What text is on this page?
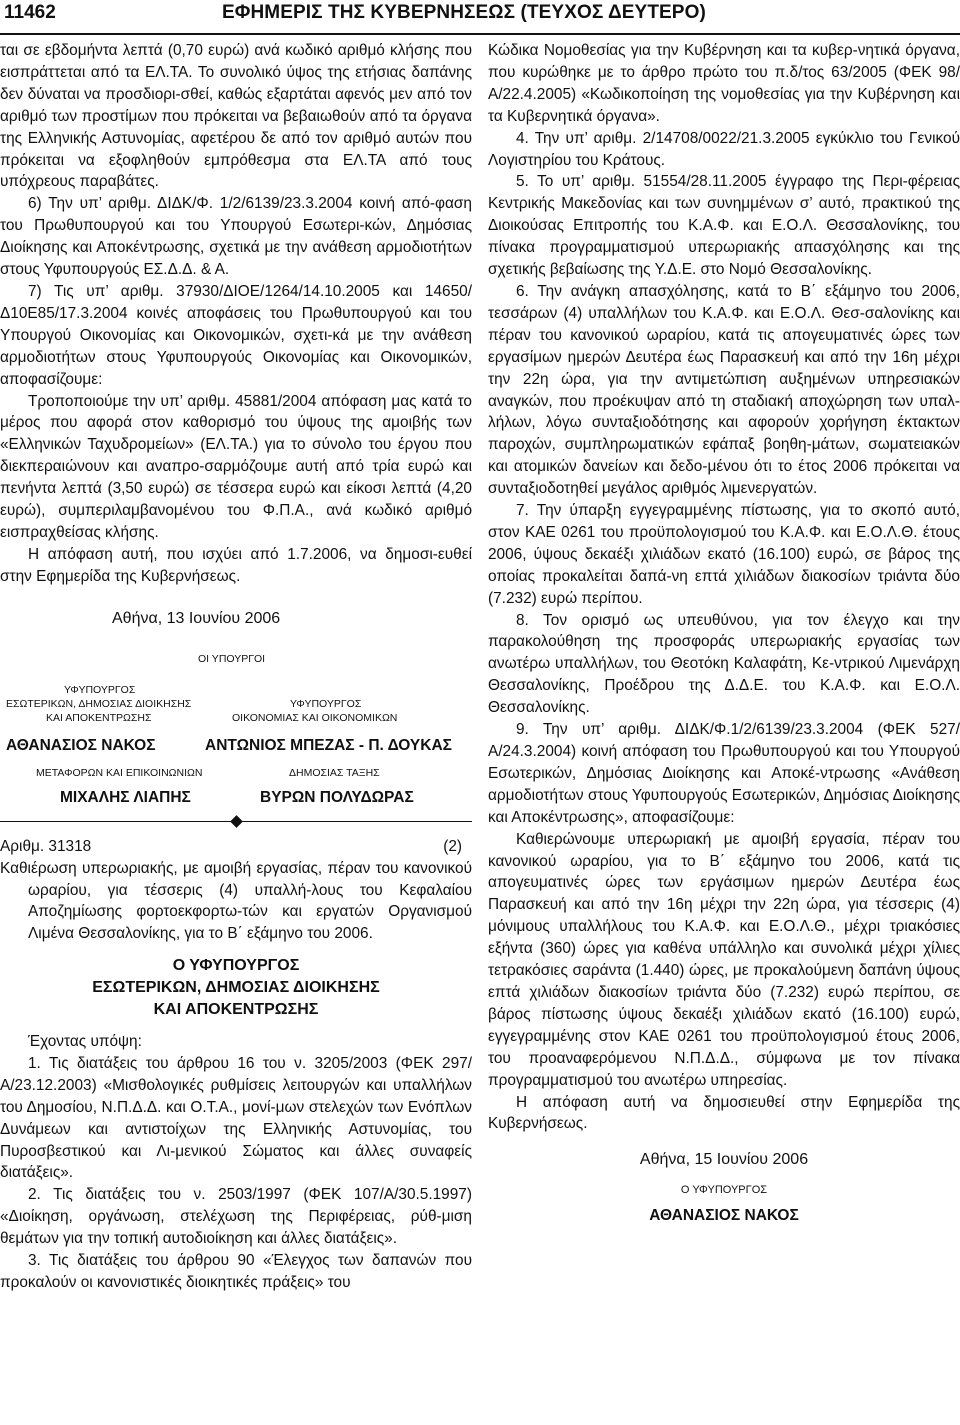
11462	ΕΦΗΜΕΡΙΣ ΤΗΣ ΚΥΒΕΡΝΗΣΕΩΣ (ΤΕΥΧΟΣ ΔΕΥΤΕΡΟ)

ται σε εβδομήντα λεπτά (0,70 ευρώ) ανά κωδικό αριθμό κλήσης που εισπράττεται από τα ΕΛ.ΤΑ. Το συνολικό ύψος της ετήσιας δαπάνης δεν δύναται να προσδιορι-σθεί, καθώς εξαρτάται αφενός μεν από τον αριθμό των προστίμων που πρόκειται να βεβαιωθούν από τα όργανα της Ελληνικής Αστυνομίας, αφετέρου δε από τον αριθμό αυτών που πρόκειται να εξοφληθούν εμπρόθεσμα στα ΕΛ.ΤΑ από τους υπόχρεους παραβάτες.

6) Την υπ’ αριθμ. ΔΙΔΚ/Φ. 1/2/6139/23.3.2004 κοινή από-φαση του Πρωθυπουργού και του Υπουργού Εσωτερι-κών, Δημόσιας Διοίκησης και Αποκέντρωσης, σχετικά με την ανάθεση αρμοδιοτήτων στους Υφυπουργούς ΕΣ.Δ.Δ. & Α.

7) Τις υπ’ αριθμ. 37930/ΔΙΟΕ/1264/14.10.2005 και 14650/ Δ10Ε85/17.3.2004 κοινές αποφάσεις του Πρωθυπουργού και του Υπουργού Οικονομίας και Οικονομικών, σχετι-κά με την ανάθεση αρμοδιοτήτων στους Υφυπουργούς Οικονομίας και Οικονομικών, αποφασίζουμε:

Τροποποιούμε την υπ’ αριθμ. 45881/2004 απόφαση μας κατά το μέρος που αφορά στον καθορισμό του ύψους της αμοιβής των «Ελληνικών Ταχυδρομείων» (ΕΛ.ΤΑ.) για το σύνολο του έργου που διεκπεραιώνουν και αναπρο-σαρμόζουμε αυτή από τρία ευρώ και πενήντα λεπτά (3,50 ευρώ) σε τέσσερα ευρώ και είκοσι λεπτά (4,20 ευρώ), συμπεριλαμβανομένου του Φ.Π.Α., ανά κωδικό αριθμό εισπραχθείσας κλήσης.

Η απόφαση αυτή, που ισχύει από 1.7.2006, να δημοσι-ευθεί στην Εφημερίδα της Κυβερνήσεως.

Αθήνα, 13 Ιουνίου 2006
ΟΙ ΥΠΟΥΡΓΟΙ
ΥΦΥΠΟΥΡΓΟΣ
ΕΣΩΤΕΡΙΚΩΝ, ΔΗΜΟΣΙΑΣ ΔΙΟΙΚΗΣΗΣ	ΥΦΥΠΟΥΡΓΟΣ
ΚΑΙ ΑΠΟΚΕΝΤΡΩΣΗΣ	ΟΙΚΟΝΟΜΙΑΣ ΚΑΙ ΟΙΚΟΝΟΜΙΚΩΝ
ΑΘΑΝΑΣΙΟΣ ΝΑΚΟΣ	ΑΝΤΩΝΙΟΣ ΜΠΕΖΑΣ - Π. ΔΟΥΚΑΣ
ΜΕΤΑΦΟΡΩΝ ΚΑΙ ΕΠΙΚΟΙΝΩΝΙΩΝ	ΔΗΜΟΣΙΑΣ ΤΑΞΗΣ
ΜΙΧΑΛΗΣ ΛΙΑΠΗΣ	ΒΥΡΩΝ ΠΟΛΥΔΩΡΑΣ
Αριθμ. 31318	(2)

Καθιέρωση υπερωριακής, με αμοιβή εργασίας, πέραν του κανονικού ωραρίου, για τέσσερις (4) υπαλλή-λους του Κεφαλαίου Αποζημίωσης φορτοεκφορτω-τών και εργατών Οργανισμού Λιμένα Θεσσαλονίκης, για το Β΄ εξάμηνο του 2006.

Ο ΥΦΥΠΟΥΡΓΟΣ

ΕΣΩΤΕΡΙΚΩΝ, ΔΗΜΟΣΙΑΣ ΔΙΟΙΚΗΣΗΣ

ΚΑΙ ΑΠΟΚΕΝΤΡΩΣΗΣ

Έχοντας υπόψη:

1. Τις διατάξεις του άρθρου 16 του ν. 3205/2003 (ΦΕΚ 297/Α/23.12.2003) «Μισθολογικές ρυθμίσεις λειτουργών και υπαλλήλων του Δημοσίου, Ν.Π.Δ.Δ. και Ο.Τ.Α., μονί-μων στελεχών των Ενόπλων Δυνάμεων και αντιστοίχων της Ελληνικής Αστυνομίας, του Πυροσβεστικού και Λι-μενικού Σώματος και άλλες συναφείς διατάξεις».

2. Τις διατάξεις του ν. 2503/1997 (ΦΕΚ 107/Α/30.5.1997) «Διοίκηση, οργάνωση, στελέχωση της Περιφέρειας, ρύθ-μιση θεμάτων για την τοπική αυτοδιοίκηση και άλλες διατάξεις».

3. Τις διατάξεις του άρθρου 90 «Έλεγχος των δαπανών που προκαλούν οι κανονιστικές διοικητικές πράξεις» του

Κώδικα Νομοθεσίας για την Κυβέρνηση και τα κυβερ-νητικά όργανα, που κυρώθηκε με το άρθρο πρώτο του π.δ/τος 63/2005 (ΦΕΚ 98/Α/22.4.2005) «Κωδικοποίηση της νομοθεσίας για την Κυβέρνηση και τα Κυβερνητικά όργανα».

4. Την υπ’ αριθμ. 2/14708/0022/21.3.2005 εγκύκλιο του Γενικού Λογιστηρίου του Κράτους.

5. Το υπ’ αριθμ. 51554/28.11.2005 έγγραφο της Περι-φέρειας Κεντρικής Μακεδονίας και των συνημμένων σ’ αυτό, πρακτικού της Διοικούσας Επιτροπής του Κ.Α.Φ. και Ε.Ο.Λ. Θεσσαλονίκης, του πίνακα προγραμματισμού υπερωριακής απασχόλησης και της σχετικής βεβαίωσης της Υ.Δ.Ε. στο Νομό Θεσσαλονίκης.

6. Την ανάγκη απασχόλησης, κατά το Β΄ εξάμηνο του 2006, τεσσάρων (4) υπαλλήλων του Κ.Α.Φ. και Ε.Ο.Λ. Θεσ-σαλονίκης και πέραν του κανονικού ωραρίου, κατά τις απογευματινές ώρες των εργασίμων ημερών Δευτέρα έως Παρασκευή και από την 16η μέχρι την 22η ώρα, για την αντιμετώπιση αυξημένων υπηρεσιακών αναγκών, που προέκυψαν από τη σταδιακή αποχώρηση των υπαλ-λήλων, λόγω συνταξιοδότησης και αφορούν χορήγηση έκτακτων παροχών, συμπληρωματικών εφάπαξ βοηθη-μάτων, σωματειακών και ατομικών δανείων και δεδο-μένου ότι το έτος 2006 πρόκειται να συνταξιοδοτηθεί μεγάλος αριθμός λιμενεργατών.

7. Την ύπαρξη εγγεγραμμένης πίστωσης, για το σκοπό αυτό, στον ΚΑΕ 0261 του προϋπολογισμού του Κ.Α.Φ. και Ε.Ο.Λ.Θ. έτους 2006, ύψους δεκαέξι χιλιάδων εκατό (16.100) ευρώ, σε βάρος της οποίας προκαλείται δαπά-νη επτά χιλιάδων διακοσίων τριάντα δύο (7.232) ευρώ περίπου.

8. Τον ορισμό ως υπευθύνου, για τον έλεγχο και την παρακολούθηση της προσφοράς υπερωριακής εργασίας των ανωτέρω υπαλλήλων, του Θεοτόκη Καλαφάτη, Κε-ντρικού Λιμενάρχη Θεσσαλονίκης, Προέδρου της Δ.Δ.Ε. του Κ.Α.Φ. και Ε.Ο.Λ. Θεσσαλονίκης.

9. Την υπ’ αριθμ. ΔΙΔΚ/Φ.1/2/6139/23.3.2004 (ΦΕΚ 527/ Α/24.3.2004) κοινή απόφαση του Πρωθυπουργού και του Υπουργού Εσωτερικών, Δημόσιας Διοίκησης και Αποκέ-ντρωσης «Ανάθεση αρμοδιοτήτων στους Υφυπουργούς Εσωτερικών, Δημόσιας Διοίκησης και Αποκέντρωσης», αποφασίζουμε:

Καθιερώνουμε υπερωριακή με αμοιβή εργασία, πέραν του κανονικού ωραρίου, για το Β΄ εξάμηνο του 2006, κατά τις απογευματινές ώρες των εργάσιμων ημερών Δευτέρα έως Παρασκευή και από την 16η μέχρι την 22η ώρα, για τέσσερις (4) μόνιμους υπαλλήλους του Κ.Α.Φ. και Ε.Ο.Λ.Θ., μέχρι τριακόσιες εξήντα (360) ώρες για καθένα υπάλληλο και συνολικά μέχρι χίλιες τετρακόσιες σαράντα (1.440) ώρες, με προκαλούμενη δαπάνη ύψους επτά χιλιάδων διακοσίων τριάντα δύο (7.232) ευρώ περίπου, σε βάρος πίστωσης ύψους δεκαέξι χιλιάδων εκατό (16.100) ευρώ, εγγεγραμμένης στον ΚΑΕ 0261 του προϋπολογισμού έτους 2006, του προαναφερόμενου Ν.Π.Δ.Δ., σύμφωνα με τον πίνακα προγραμματισμού του ανωτέρω υπηρεσίας.

Η απόφαση αυτή να δημοσιευθεί στην Εφημερίδα της Κυβερνήσεως.

Αθήνα, 15 Ιουνίου 2006

Ο ΥΦΥΠΟΥΡΓΟΣ

ΑΘΑΝΑΣΙΟΣ ΝΑΚΟΣ
